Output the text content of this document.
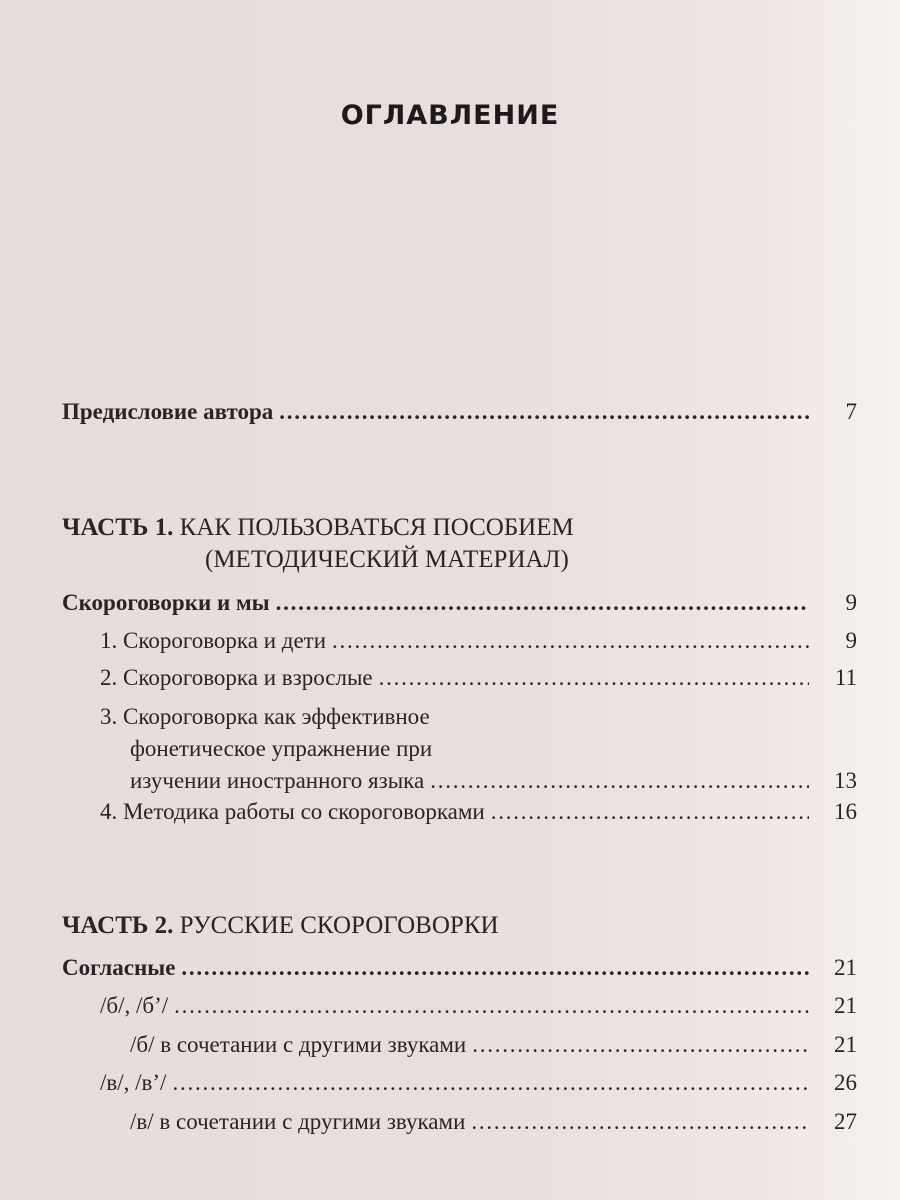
ОГЛАВЛЕНИЕ
Предисловие автора . . .	7
ЧАСТЬ 1. КАК ПОЛЬЗОВАТЬСЯ ПОСОБИЕМ
(МЕТОДИЧЕСКИЙ МАТЕРИАЛ)
Скороговорки и мы . . .	9
1. Скороговорка и дети . . .	9
2. Скороговорка и взрослые . . .	11
3. Скороговорка как эффективное
фонетическое упражнение при
изучении иностранного языка . . .	13
4. Методика работы со скороговорками . . .	16
ЧАСТЬ 2. РУССКИЕ СКОРОГОВОРКИ
Согласные . . .	21
/б/, /б’/ . . .	21
/б/ в сочетании с другими звуками . . .	21
/в/, /в’/ . . .	26
/в/ в сочетании с другими звуками . . .	27
